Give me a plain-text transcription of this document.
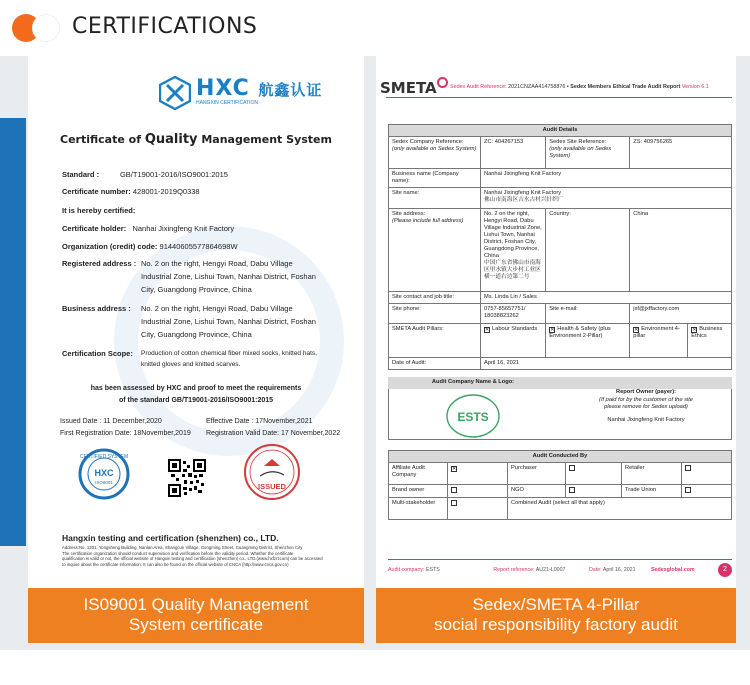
CERTIFICATIONS
HXC 航鑫认证
HANGXIN CERTIFICATION
Certificate of Quality Management System
Standard :	GB/T19001-2016/ISO9001:2015
Certificate number: 428001-2019Q0338
It is hereby certified:
Certificate holder: Nanhai Jixingfeng Knit Factory
Organization (credit) code: 91440605577864698W
Registered address : No. 2 on the right, Hengyi Road, Dabu Village
Industrial Zone, Lishui Town, Nanhai District, Foshan
City, Guangdong Province, China
Business address : No. 2 on the right, Hengyi Road, Dabu Village
Industrial Zone, Lishui Town, Nanhai District, Foshan
City, Guangdong Province, China
Certification Scope: Production of cotton chemical fiber mixed socks, knitted hats,
knitted gloves and knitted scarves.
has been assessed by HXC and proof to meet the requirements
of the standard GB/T19001-2016/ISO9001:2015
Issued Date : 11 December,2020	Effective Date : 17November,2021
First Registration Date: 18November,2019 Registration Valid Date: 17 November,2022
CERTIFIED SYSTEM
HXC
ISO9001	ISSUED
Hangxin testing and certification (shenzhen) co., LTD.
Address:No. 1201, Yongsheng Building, Nanlan Area, Shangcun Village, Gongming Street, Guangming District, Shenzhen City
The certification organization should conduct supervision and verification before the validity period. Whether the certificate
qualification is valid or not, the official website of Hangxin testing and certification (shenzhen) co., LTD.(www.hxfzrzcom) can be accessed
to inquire about the certificate information. It can also be found on the official website of CNCA (http://www.cnca.gov.cn)
SMETA	Sedex Audit Reference: 2021CNZAA414758876 • Sedex Members Ethical Trade Audit Report Version 6.1
Audit Details				
Sedex Company Reference:
(only available on Sedex System)	ZC: 404267153	Sedex Site Reference:
(only available on Sedex System)	ZS: 409756265	
Business name (Company name):	Nanhai Jixingfeng Knit Factory			
Site name:	Nanhai Jixingfeng Knit Factory
佛山市南海区吉水古村兴针织厂			
Site address:
(Please include full address)	No. 2 on the right, Hengyi Road, Dabu Village Industrial Zone, Lishui Town, Nanhai District, Foshan City, Guangdong Province, China
中国广东省佛山市南海区里水镇大步村工业区横一道右边第二号	Country:	China	
Site contact and job title:	Ms. Linda Lin / Sales			
Site phone:	0757-85657751/ 18038823262	Site e-mail:	jxf@jxffactory.com	
SMETA Audit Pillars:	✕ Labour Standards	✕ Health & Safety (plus Environment 2-Pillar)	✕ Environment 4-pillar	✕ Business Ethics
Date of Audit:	April 16, 2021			
Audit Company Name & Logo:
ESTS
Report Owner (payer):
(If paid for by the customer of the site
please remove for Sedex upload)
Nanhai Jixingfeng Knit Factory
Audit Conducted By					
Affiliate Audit Company	✕	Purchaser		Retailer	
Brand owner		NGO		Trade Union	
Multi-stakeholder		Combined Audit (select all that apply)			
Audit company: ESTS	Report reference: AU21-L0007	Date: April 16, 2021	Sedexglobal.com	2
IS09001 Quality Management
System certificate
Sedex/SMETA 4-Pillar
social responsibility factory audit
